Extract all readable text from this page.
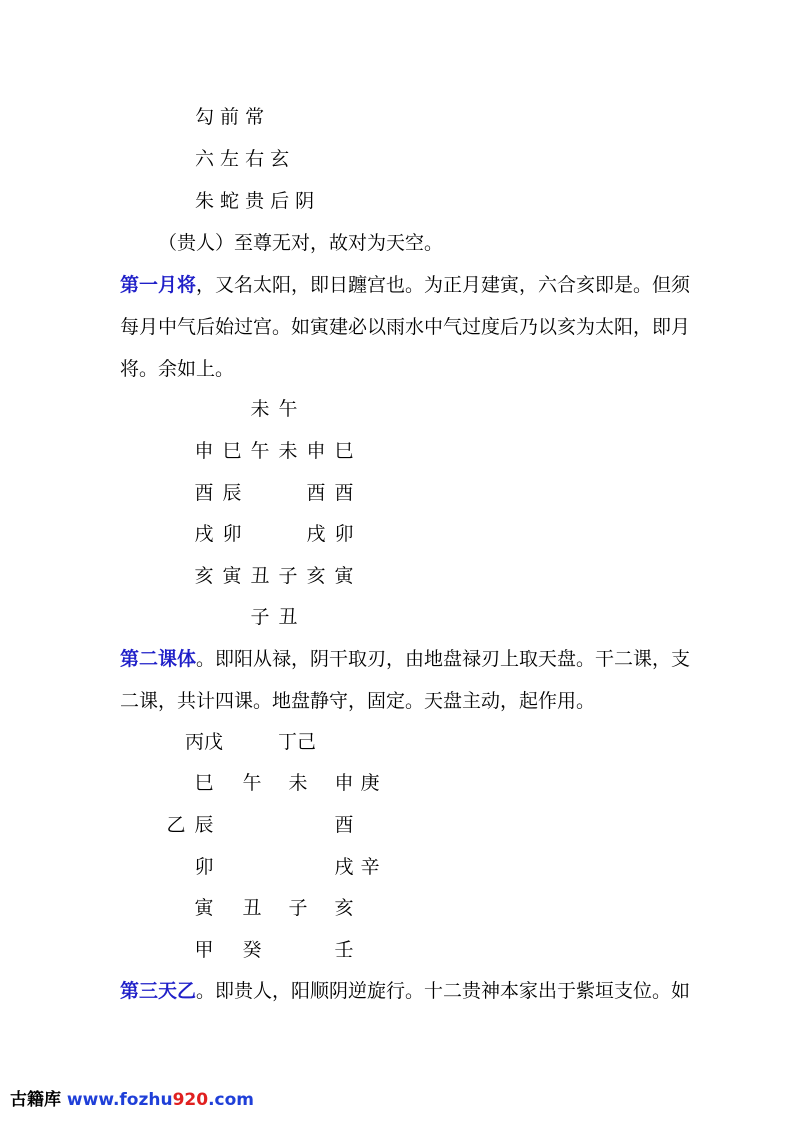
勾 前 常
六 左 右 玄
朱 蛇 贵 后 阴
（贵人）至尊无对，故对为天空。
第一月将，又名太阳，即日躔宫也。为正月建寅，六合亥即是。但须
每月中气后始过宫。如寅建必以雨水中气过度后乃以亥为太阳，即月
将。余如上。
未 午
申 巳 午 未 申 巳
酉 辰	酉 酉
戌 卯	戌 卯
亥 寅 丑 子 亥 寅
子 丑
第二课体。即阳从禄，阴干取刃，由地盘禄刃上取天盘。干二课，支
二课，共计四课。地盘静守，固定。天盘主动，起作用。
丙戊	丁己
巳 午 未 申 庚
乙 辰	酉
卯	戌 辛
寅 丑 子 亥
甲 癸	壬
第三天乙。即贵人，阳顺阴逆旋行。十二贵神本家出于紫垣支位。如
古籍库 www.fozhu920.com
